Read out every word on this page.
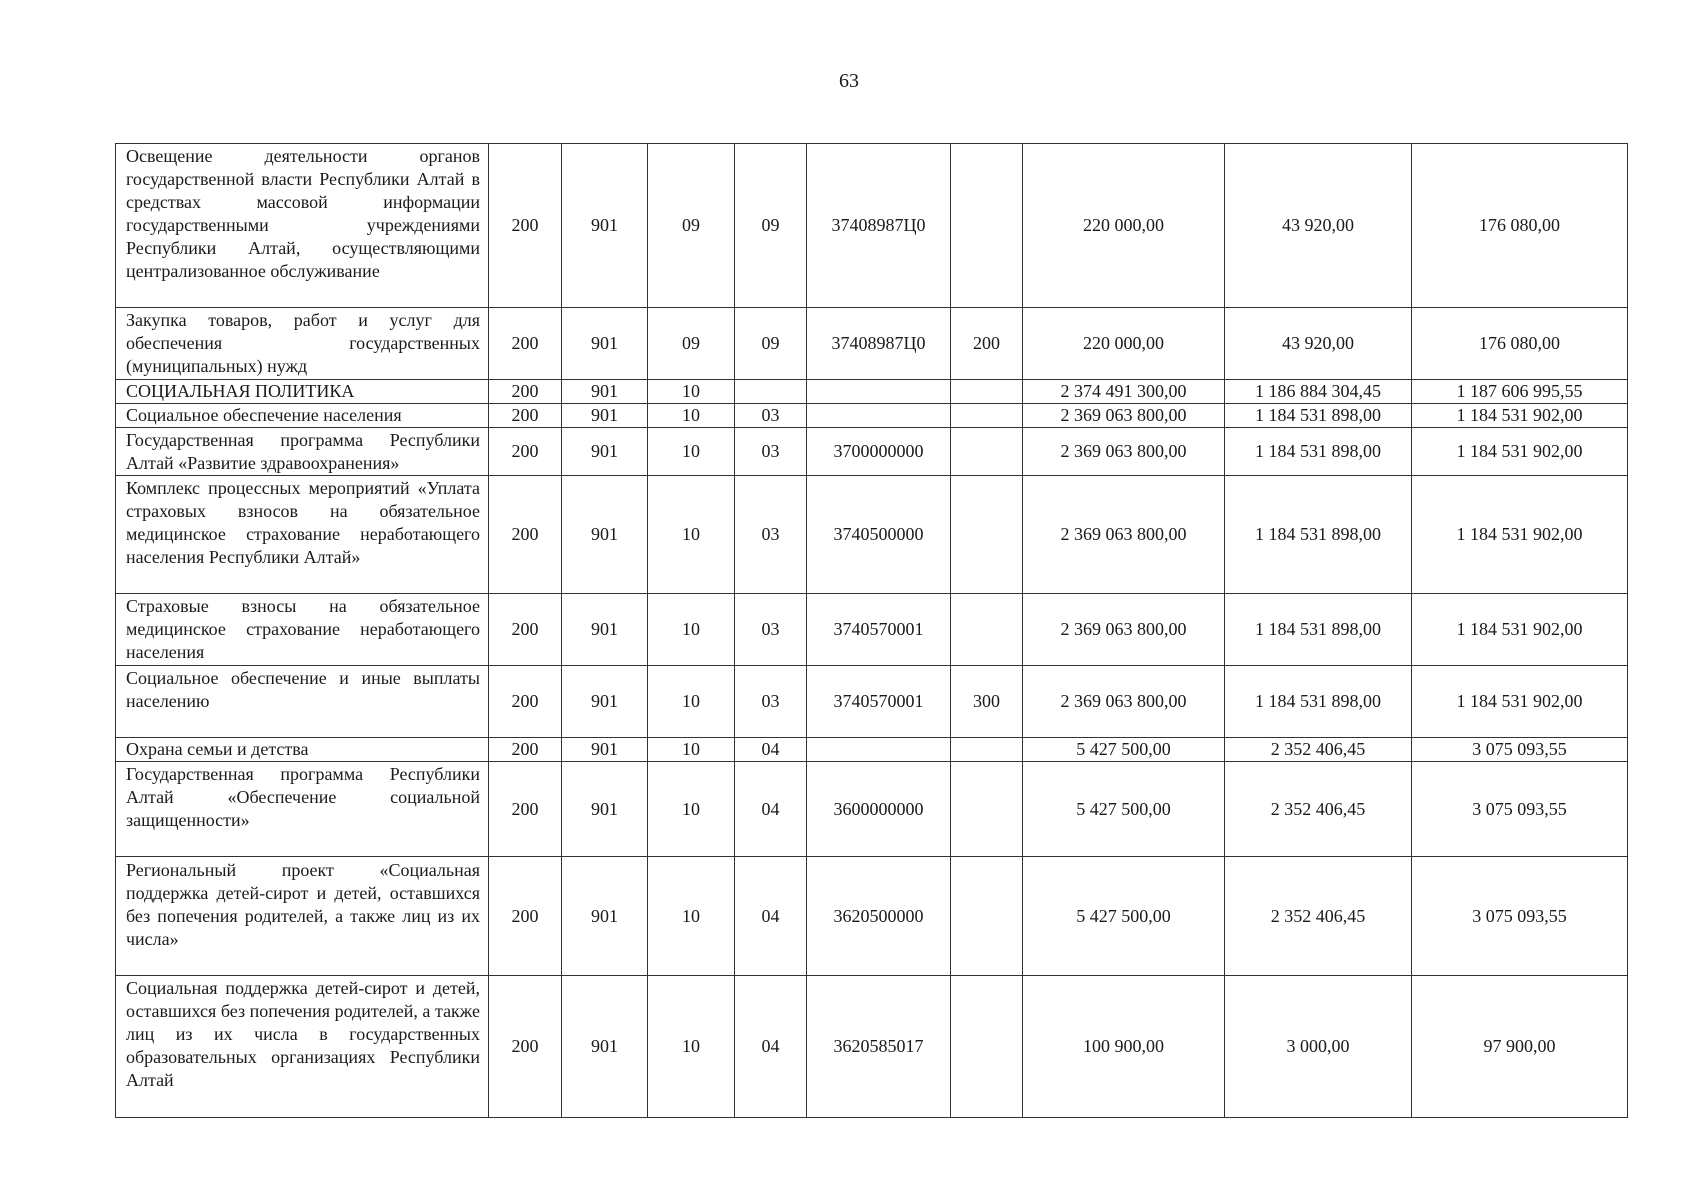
63
Освещение деятельности органов государственной власти Республики Алтай в средствах массовой информации государственными учреждениями Республики Алтай, осуществляющими централизованное обслуживание	200	901	09	09	37408987Ц0		220 000,00	43 920,00	176 080,00
Закупка товаров, работ и услуг для обеспечения государственных (муниципальных) нужд	200	901	09	09	37408987Ц0	200	220 000,00	43 920,00	176 080,00
СОЦИАЛЬНАЯ ПОЛИТИКА	200	901	10				2 374 491 300,00	1 186 884 304,45	1 187 606 995,55
Социальное обеспечение населения	200	901	10	03			2 369 063 800,00	1 184 531 898,00	1 184 531 902,00
Государственная программа Республики Алтай «Развитие здравоохранения»	200	901	10	03	3700000000		2 369 063 800,00	1 184 531 898,00	1 184 531 902,00
Комплекс процессных мероприятий «Уплата страховых взносов на обязательное медицинское страхование неработающего населения Республики Алтай»	200	901	10	03	3740500000		2 369 063 800,00	1 184 531 898,00	1 184 531 902,00
Страховые взносы на обязательное медицинское страхование неработающего населения	200	901	10	03	3740570001		2 369 063 800,00	1 184 531 898,00	1 184 531 902,00
Социальное обеспечение и иные выплаты населению	200	901	10	03	3740570001	300	2 369 063 800,00	1 184 531 898,00	1 184 531 902,00
Охрана семьи и детства	200	901	10	04			5 427 500,00	2 352 406,45	3 075 093,55
Государственная программа Республики Алтай «Обеспечение социальной защищенности»	200	901	10	04	3600000000		5 427 500,00	2 352 406,45	3 075 093,55
Региональный проект «Социальная поддержка детей-сирот и детей, оставшихся без попечения родителей, а также лиц из их числа»	200	901	10	04	3620500000		5 427 500,00	2 352 406,45	3 075 093,55
Социальная поддержка детей-сирот и детей, оставшихся без попечения родителей, а также лиц из их числа в государственных образовательных организациях Республики Алтай	200	901	10	04	3620585017		100 900,00	3 000,00	97 900,00
